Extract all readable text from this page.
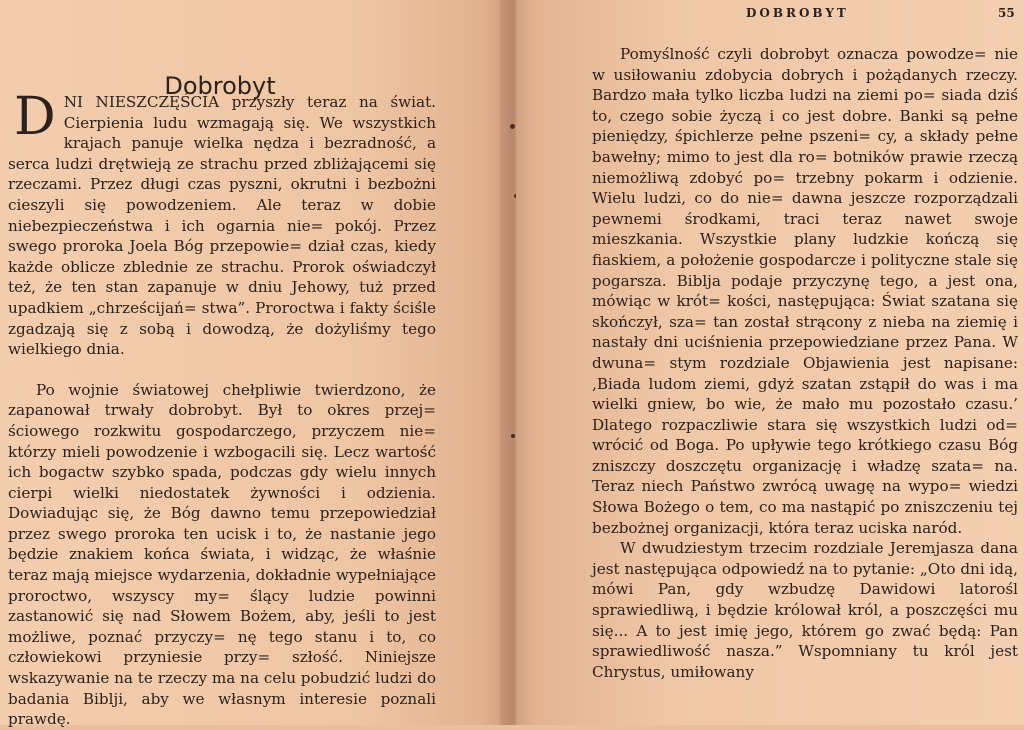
Dobrobyt

DNI NIESZCZĘŚCIA przyszły teraz na świat. Cierpienia ludu wzmagają się. We wszystkich krajach panuje wielka nędza i bezradność, a serca ludzi drętwieją ze strachu przed zbliżającemi się rzeczami. Przez długi czas pyszni, okrutni i bezbożni cieszyli się powodzeniem. Ale teraz w dobie niebezpieczeństwa i ich ogarnia nie= pokój. Przez swego proroka Joela Bóg przepowie= dział czas, kiedy każde oblicze zblednie ze strachu. Prorok oświadczył też, że ten stan zapanuje w dniu Jehowy, tuż przed upadkiem „chrześcijań= stwa”. Proroctwa i fakty ściśle zgadzają się z sobą i dowodzą, że dożyliśmy tego wielkiego dnia.

Po wojnie światowej chełpliwie twierdzono, że zapanował trwały dobrobyt. Był to okres przej= ściowego rozkwitu gospodarczego, przyczem nie= którzy mieli powodzenie i wzbogacili się. Lecz wartość ich bogactw szybko spada, podczas gdy wielu innych cierpi wielki niedostatek żywności i odzienia. Dowiadując się, że Bóg dawno temu przepowiedział przez swego proroka ten ucisk i to, że nastanie jego będzie znakiem końca świata, i widząc, że właśnie teraz mają miejsce wydarzenia, dokładnie wypełniające proroctwo, wszyscy my= ślący ludzie powinni zastanowić się nad Słowem Bożem, aby, jeśli to jest możliwe, poznać przyczy= nę tego stanu i to, co człowiekowi przyniesie przy= szłość. Niniejsze wskazywanie na te rzeczy ma na celu pobudzić ludzi do badania Biblji, aby we własnym interesie poznali prawdę.

DOBROBYT	55

Pomyślność czyli dobrobyt oznacza powodze= nie w usiłowaniu zdobycia dobrych i pożądanych rzeczy. Bardzo mała tylko liczba ludzi na ziemi po= siada dziś to, czego sobie życzą i co jest dobre. Banki są pełne pieniędzy, śpichlerze pełne pszeni= cy, a składy pełne bawełny; mimo to jest dla ro= botników prawie rzeczą niemożliwą zdobyć po= trzebny pokarm i odzienie. Wielu ludzi, co do nie= dawna jeszcze rozporządzali pewnemi środkami, traci teraz nawet swoje mieszkania. Wszystkie plany ludzkie kończą się fiaskiem, a położenie gospodarcze i polityczne stale się pogarsza. Biblja podaje przyczynę tego, a jest ona, mówiąc w krót= kości, następująca: Świat szatana się skończył, sza= tan został strącony z nieba na ziemię i nastały dni uciśnienia przepowiedziane przez Pana. W dwuna= stym rozdziale Objawienia jest napisane: ‚Biada ludom ziemi, gdyż szatan zstąpił do was i ma wielki gniew, bo wie, że mało mu pozostało czasu.’ Dlatego rozpaczliwie stara się wszystkich ludzi od= wrócić od Boga. Po upływie tego krótkiego czasu Bóg zniszczy doszczętu organizację i władzę szata= na. Teraz niech Państwo zwrócą uwagę na wypo= wiedzi Słowa Bożego o tem, co ma nastąpić po zniszczeniu tej bezbożnej organizacji, która teraz uciska naród.

W dwudziestym trzecim rozdziale Jeremjasza dana jest następująca odpowiedź na to pytanie: „Oto dni idą, mówi Pan, gdy wzbudzę Dawidowi latorośl sprawiedliwą, i będzie królował król, a poszczęści mu się... A to jest imię jego, którem go zwać będą: Pan sprawiedliwość nasza.” Wspomniany tu król jest Chrystus, umiłowany
